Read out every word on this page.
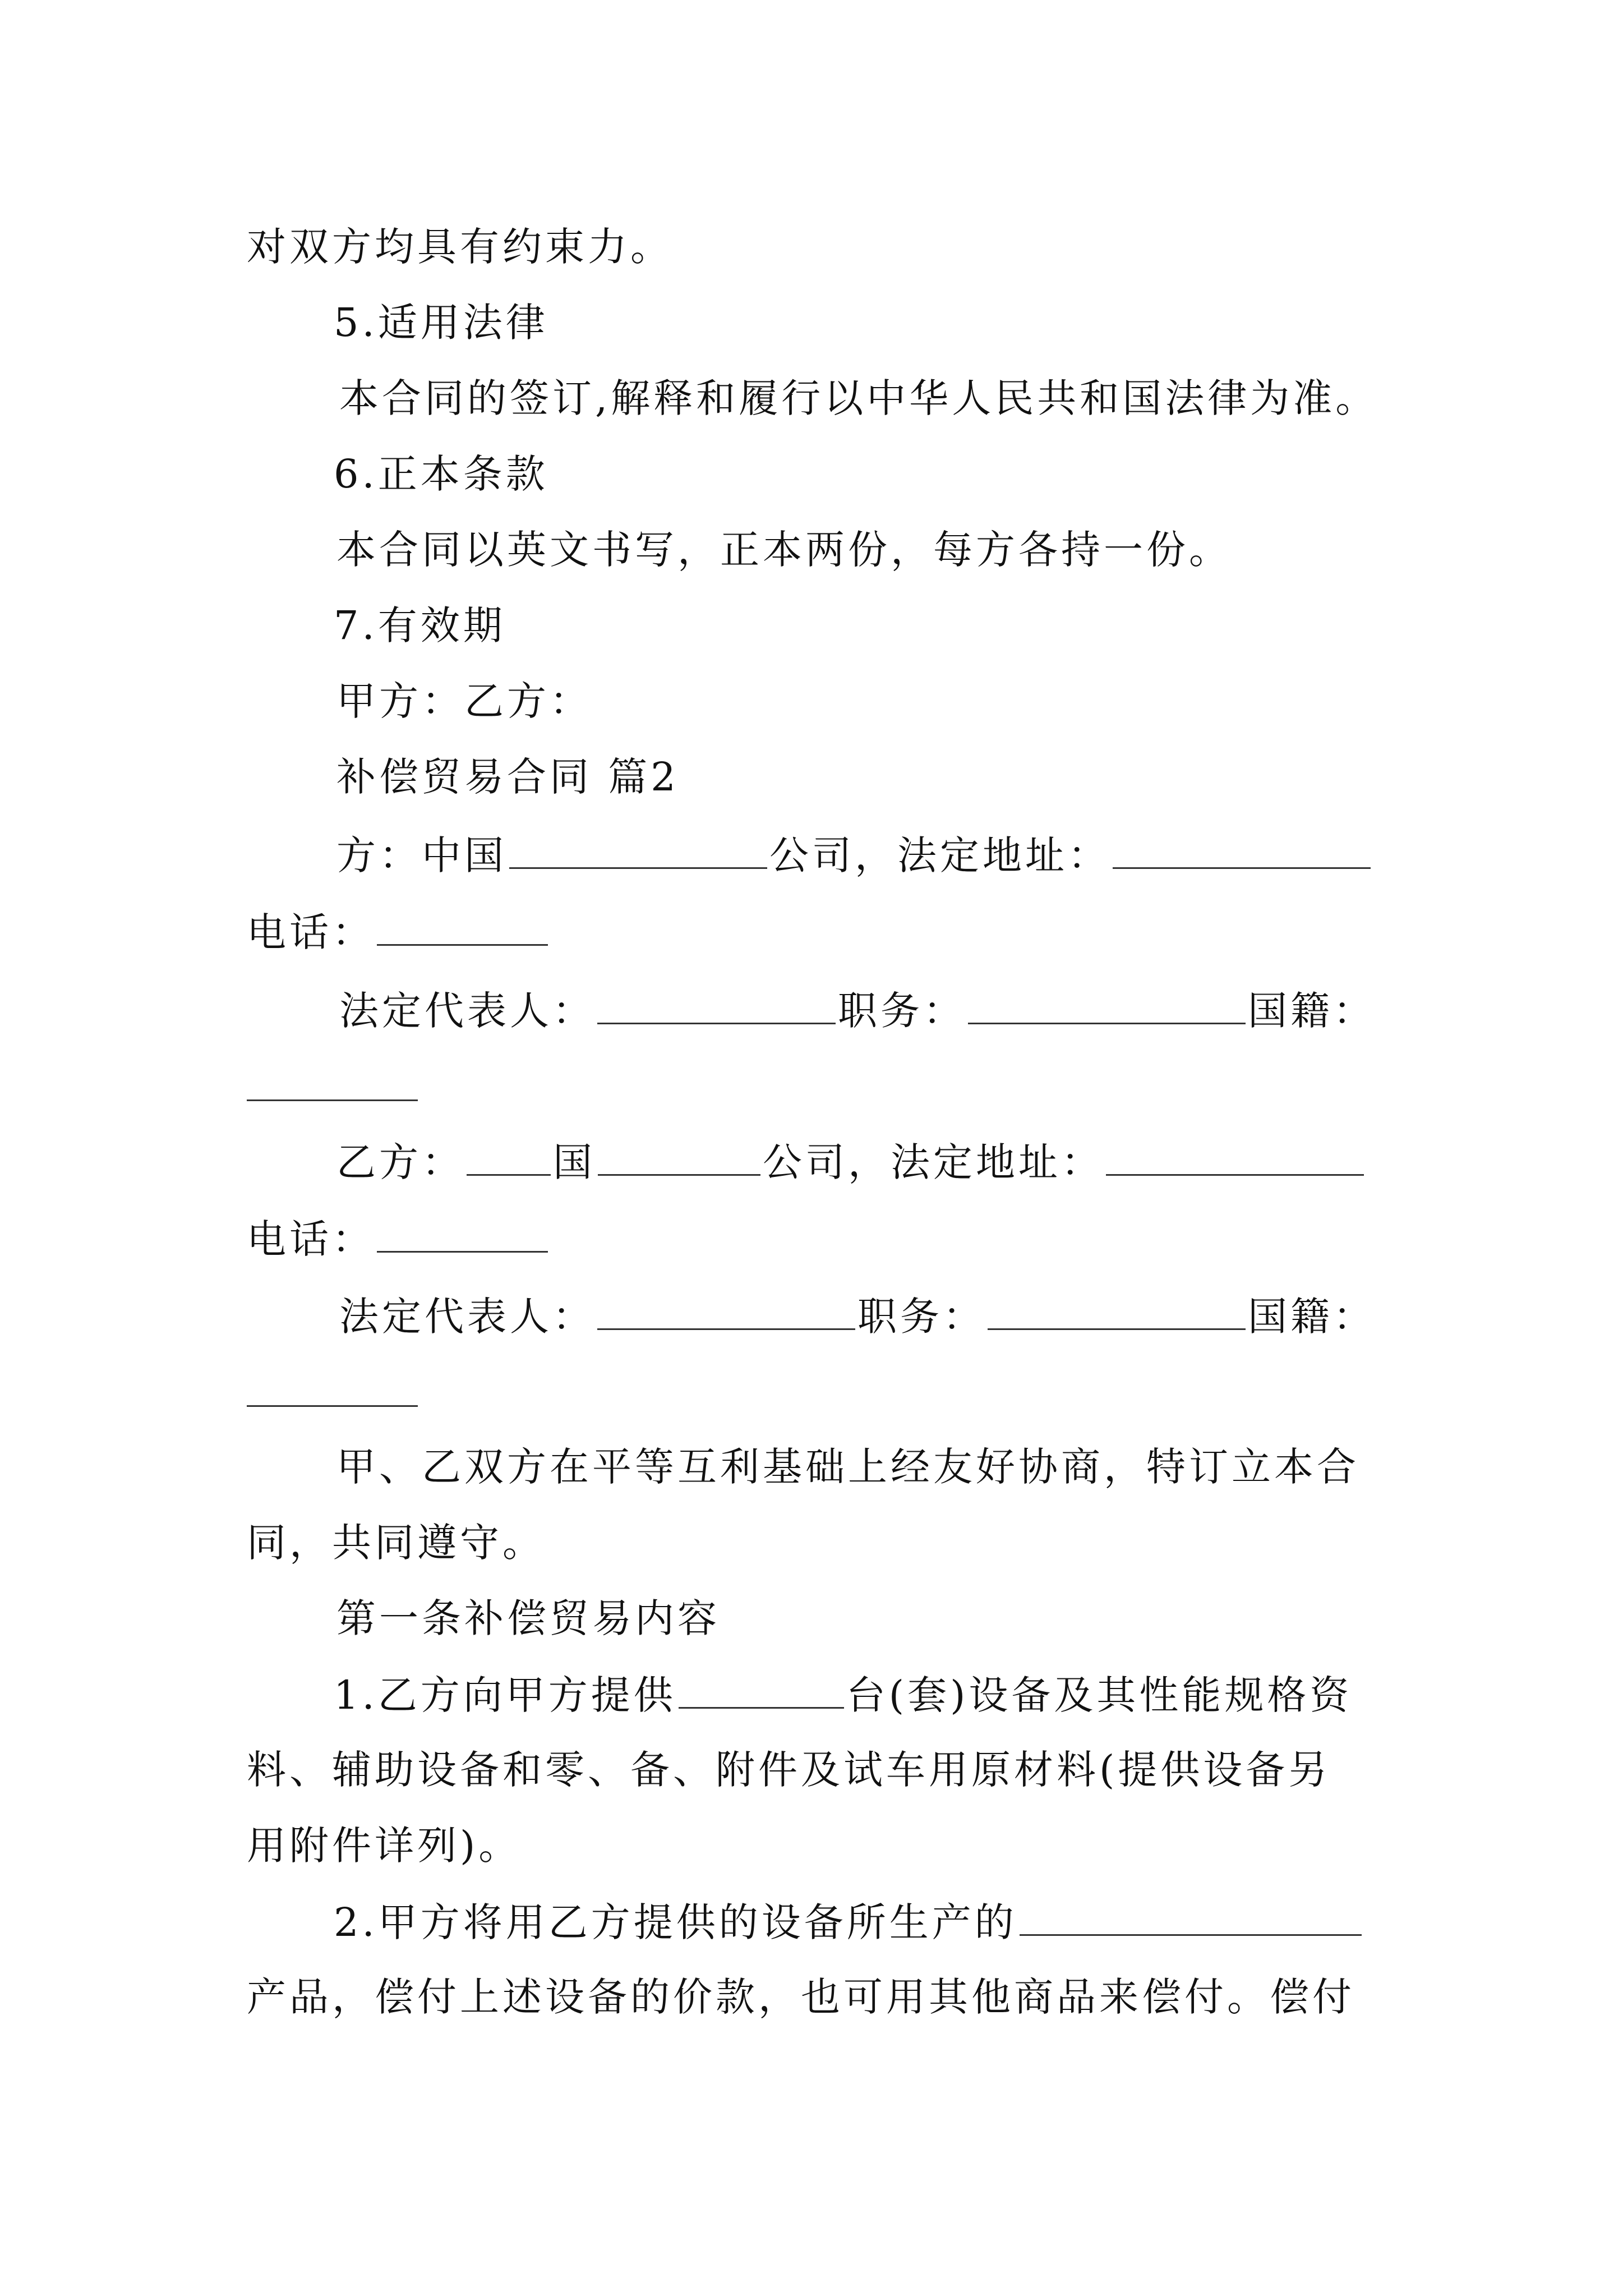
对双方均具有约束力。
5.适用法律
本合同的签订,解释和履行以中华人民共和国法律为准。
6.正本条款
本合同以英文书写，正本两份，每方各持一份。
7.有效期
甲方：乙方：
补偿贸易合同 篇2
方：中国	公司，法定地址：
电话：
法定代表人：	职务：	国籍：
乙方： 国	公司，法定地址：
电话：
法定代表人：	职务：	国籍：
甲、乙双方在平等互利基础上经友好协商，特订立本合
同，共同遵守。
第一条补偿贸易内容
1.乙方向甲方提供	台(套)设备及其性能规格资
料、辅助设备和零、备、附件及试车用原材料(提供设备另
用附件详列)。
2.甲方将用乙方提供的设备所生产的
产品，偿付上述设备的价款，也可用其他商品来偿付。偿付
